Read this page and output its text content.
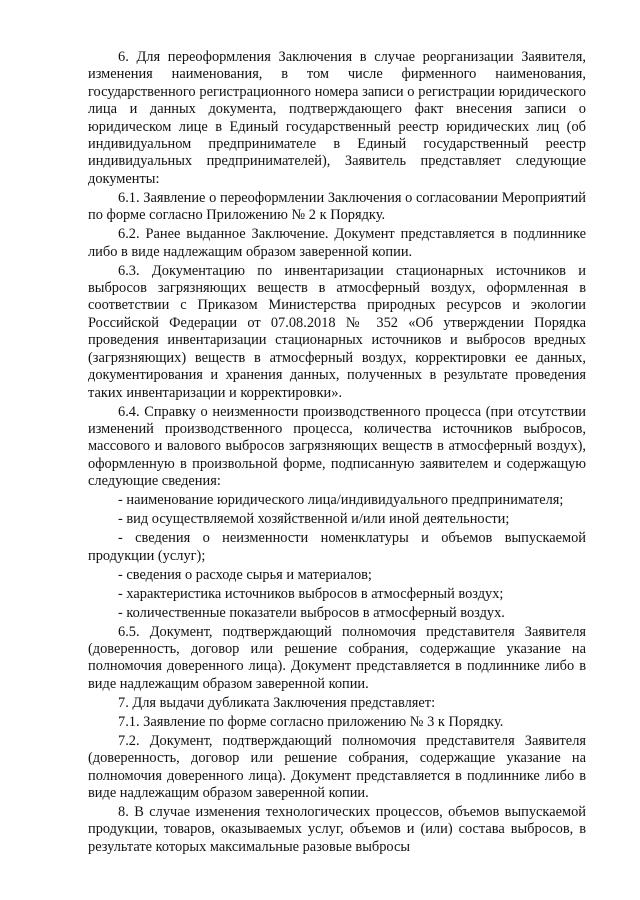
6. Для переоформления Заключения в случае реорганизации Заявителя, изменения наименования, в том числе фирменного наименования, государственного регистрационного номера записи о регистрации юридического лица и данных документа, подтверждающего факт внесения записи о юридическом лице в Единый государственный реестр юридических лиц (об индивидуальном предпринимателе в Единый государственный реестр индивидуальных предпринимателей), Заявитель представляет следующие документы:

6.1. Заявление о переоформлении Заключения о согласовании Мероприятий по форме согласно Приложению № 2 к Порядку.

6.2. Ранее выданное Заключение. Документ представляется в подлиннике либо в виде надлежащим образом заверенной копии.

6.3. Документацию по инвентаризации стационарных источников и выбросов загрязняющих веществ в атмосферный воздух, оформленная в соответствии с Приказом Министерства природных ресурсов и экологии Российской Федерации от 07.08.2018 № 352 «Об утверждении Порядка проведения инвентаризации стационарных источников и выбросов вредных (загрязняющих) веществ в атмосферный воздух, корректировки ее данных, документирования и хранения данных, полученных в результате проведения таких инвентаризации и корректировки».

6.4. Справку о неизменности производственного процесса (при отсутствии изменений производственного процесса, количества источников выбросов, массового и валового выбросов загрязняющих веществ в атмосферный воздух), оформленную в произвольной форме, подписанную заявителем и содержащую следующие сведения:

- наименование юридического лица/индивидуального предпринимателя;

- вид осуществляемой хозяйственной и/или иной деятельности;

- сведения о неизменности номенклатуры и объемов выпускаемой продукции (услуг);

- сведения о расходе сырья и материалов;

- характеристика источников выбросов в атмосферный воздух;

- количественные показатели выбросов в атмосферный воздух.

6.5. Документ, подтверждающий полномочия представителя Заявителя (доверенность, договор или решение собрания, содержащие указание на полномочия доверенного лица). Документ представляется в подлиннике либо в виде надлежащим образом заверенной копии.

7. Для выдачи дубликата Заключения представляет:

7.1. Заявление по форме согласно приложению № 3 к Порядку.

7.2. Документ, подтверждающий полномочия представителя Заявителя (доверенность, договор или решение собрания, содержащие указание на полномочия доверенного лица). Документ представляется в подлиннике либо в виде надлежащим образом заверенной копии.

8. В случае изменения технологических процессов, объемов выпускаемой продукции, товаров, оказываемых услуг, объемов и (или) состава выбросов, в результате которых максимальные разовые выбросы
